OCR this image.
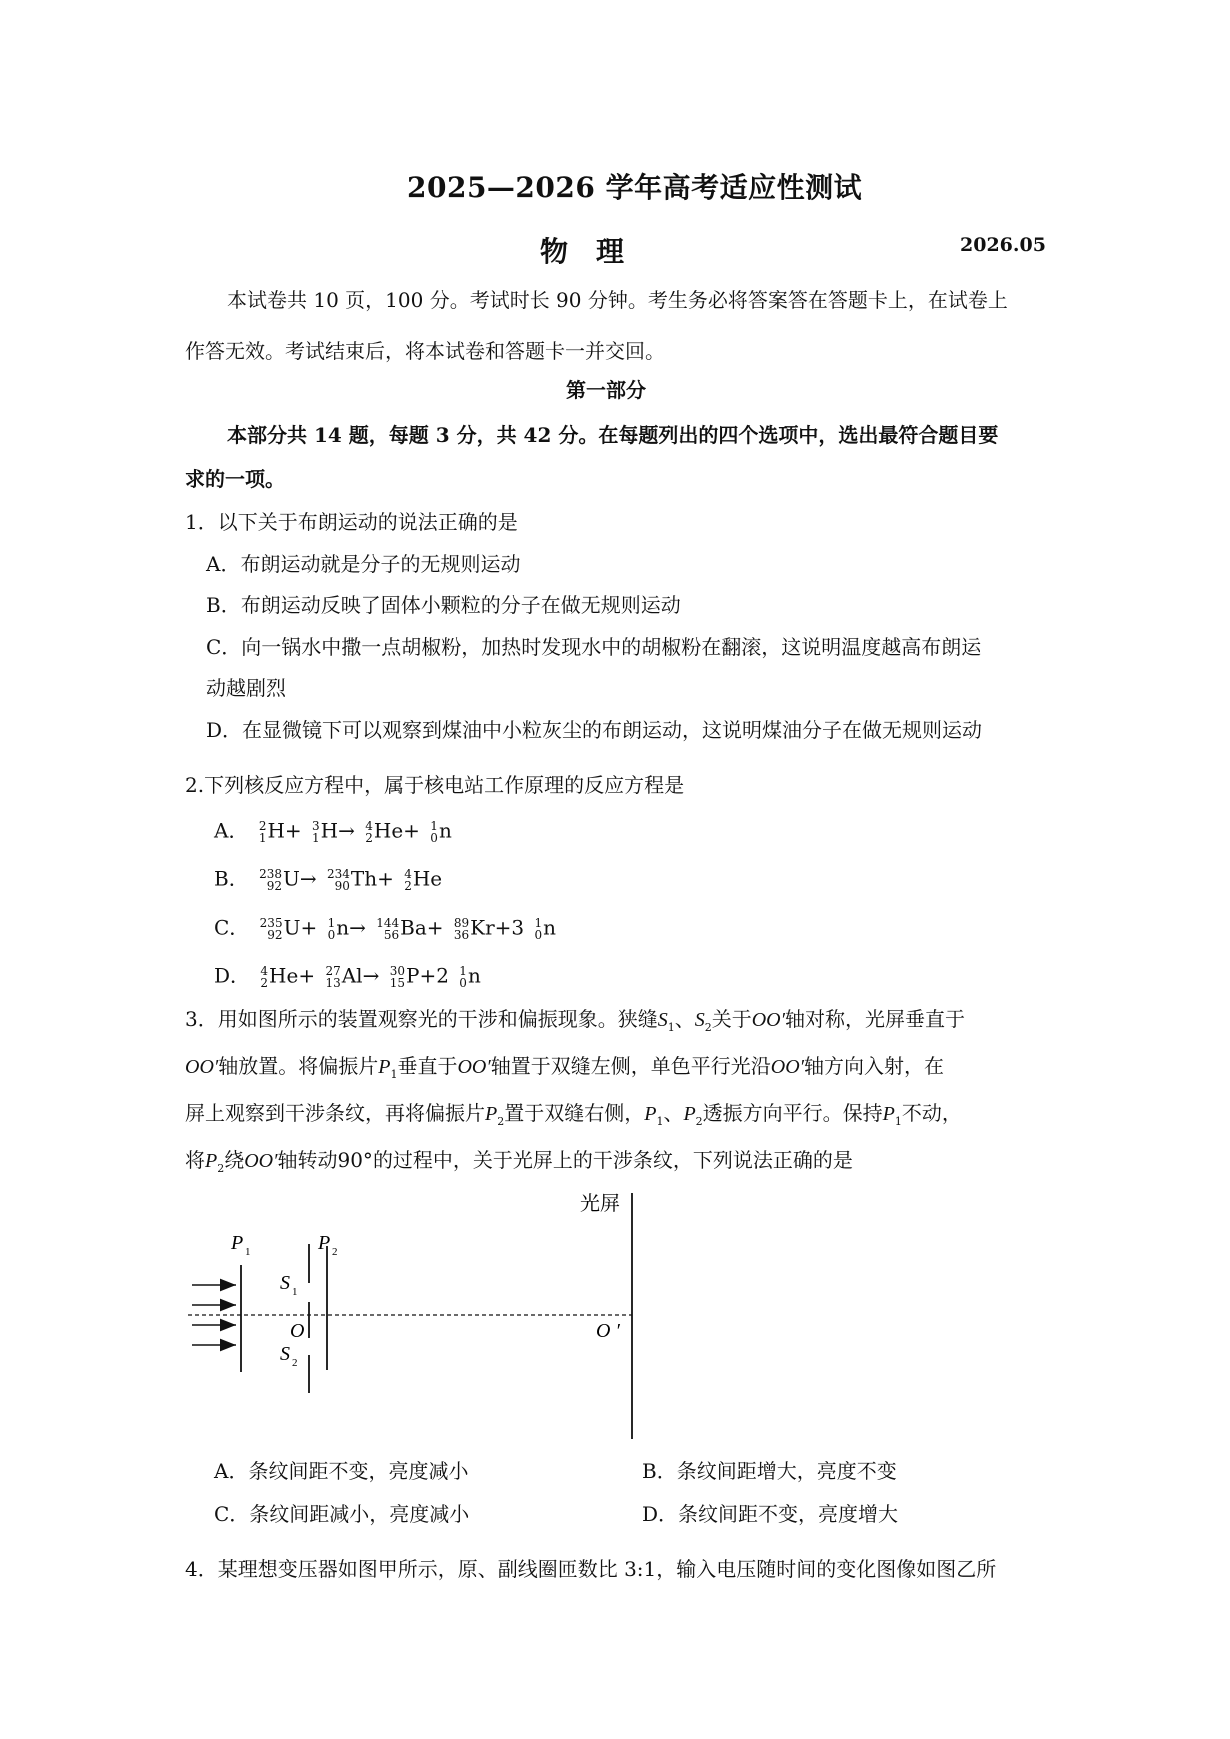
2025—2026 学年高考适应性测试
物理	2026.05
本试卷共 10 页，100 分。考试时长 90 分钟。考生务必将答案答在答题卡上，在试卷上
作答无效。考试结束后，将本试卷和答题卡一并交回。
第一部分
本部分共 14 题，每题 3 分，共 42 分。在每题列出的四个选项中，选出最符合题目要
求的一项。
1．以下关于布朗运动的说法正确的是
A．布朗运动就是分子的无规则运动
B．布朗运动反映了固体小颗粒的分子在做无规则运动
C．向一锅水中撒一点胡椒粉，加热时发现水中的胡椒粉在翻滚，这说明温度越高布朗运
动越剧烈
D．在显微镜下可以观察到煤油中小粒灰尘的布朗运动，这说明煤油分子在做无规则运动
2.下列核反应方程中，属于核电站工作原理的反应方程是
A． 2
1 H+ 3
1 H→ 4
2 He+ 1
0 n
B． 238
92 U→ 234
90 Th+ 4
2 He
C． 235
92 U+ 1
0 n→ 144
56 Ba+ 89
36 Kr+3 1
0 n
D． 4
2 He+ 27
13 Al→ 30
15 P+2 1
0 n
3．用如图所示的装置观察光的干涉和偏振现象。狭缝$S_1$、$S_2$关于OO′轴对称，光屏垂直于
OO′轴放置。将偏振片$P_1$垂直于OO′轴置于双缝左侧，单色平行光沿OO′轴方向入射，在
屏上观察到干涉条纹，再将偏振片$P_2$置于双缝右侧，$P_1$、$P_2$透振方向平行。保持$P_1$不动，
将$P_2$绕OO′轴转动90°的过程中，关于光屏上的干涉条纹，下列说法正确的是
光屏
P 1	P 2
S 1
O
S 2
O ′
A．条纹间距不变，亮度减小	B．条纹间距增大，亮度不变
C．条纹间距减小，亮度减小	D．条纹间距不变，亮度增大
4．某理想变压器如图甲所示，原、副线圈匝数比 3:1，输入电压随时间的变化图像如图乙所
